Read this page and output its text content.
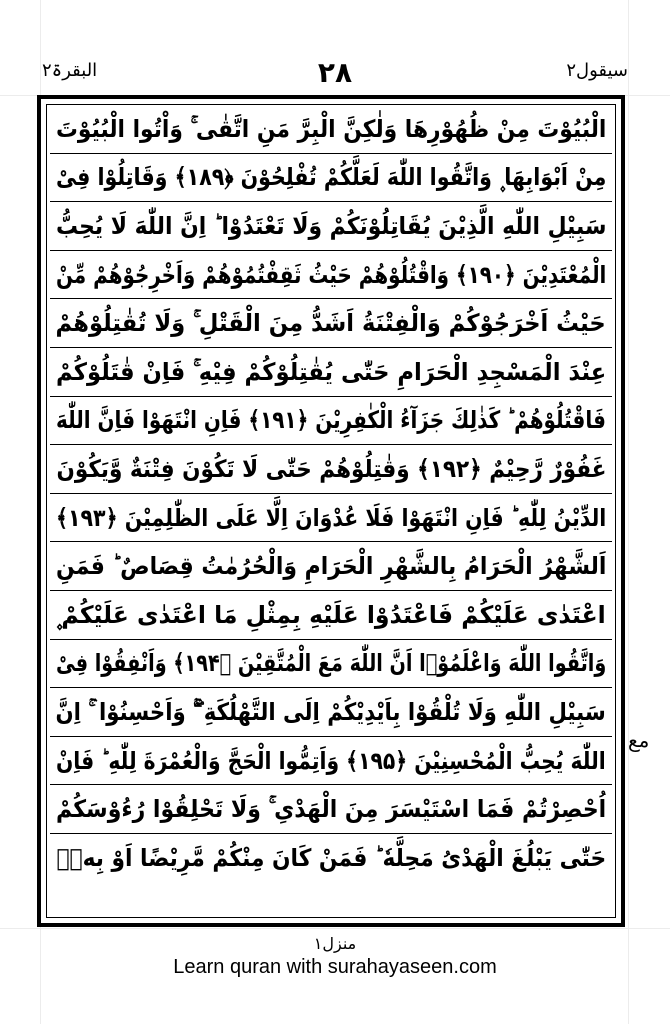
سیقول۲
۲۸
البقرۃ۲
الْبُیُوْتَ مِنْ ظُهُوْرِهَا وَلٰكِنَّ الْبِرَّ مَنِ اتَّقٰى ۚ وَاْتُوا الْبُیُوْتَ
مِنْ اَبْوَابِهَا ۪ وَاتَّقُوا اللّٰهَ لَعَلَّكُمْ تُفْلِحُوْنَ ﴿۱۸۹﴾ وَقَاتِلُوْا فِیْ
سَبِیْلِ اللّٰهِ الَّذِیْنَ یُقَاتِلُوْنَكُمْ وَلَا تَعْتَدُوْا ؕ اِنَّ اللّٰهَ لَا یُحِبُّ
الْمُعْتَدِیْنَ ﴿۱۹۰﴾ وَاقْتُلُوْهُمْ حَیْثُ ثَقِفْتُمُوْهُمْ وَاَخْرِجُوْهُمْ مِّنْ
حَیْثُ اَخْرَجُوْكُمْ وَالْفِتْنَةُ اَشَدُّ مِنَ الْقَتْلِ ۚ وَلَا تُقٰتِلُوْهُمْ
عِنْدَ الْمَسْجِدِ الْحَرَامِ حَتّٰى یُقٰتِلُوْكُمْ فِیْهِ ۚ فَاِنْ قٰتَلُوْكُمْ
فَاقْتُلُوْهُمْ ؕ كَذٰلِكَ جَزَآءُ الْكٰفِرِیْنَ ﴿۱۹۱﴾ فَاِنِ انْتَهَوْا فَاِنَّ اللّٰهَ
غَفُوْرٌ رَّحِیْمٌ ﴿۱۹۲﴾ وَقٰتِلُوْهُمْ حَتّٰى لَا تَكُوْنَ فِتْنَةٌ وَّیَكُوْنَ
الدِّیْنُ لِلّٰهِ ؕ فَاِنِ انْتَهَوْا فَلَا عُدْوَانَ اِلَّا عَلَى الظّٰلِمِیْنَ ﴿۱۹۳﴾
اَلشَّهْرُ الْحَرَامُ بِالشَّهْرِ الْحَرَامِ وَالْحُرُمٰتُ قِصَاصٌ ؕ فَمَنِ
اعْتَدٰى عَلَیْكُمْ فَاعْتَدُوْا عَلَیْهِ بِمِثْلِ مَا اعْتَدٰى عَلَیْكُمْ ۪
وَاتَّقُوا اللّٰهَ وَاعْلَمُوْۤا اَنَّ اللّٰهَ مَعَ الْمُتَّقِیْنَ ﴿۱۹۴﴾ وَاَنْفِقُوْا فِیْ
سَبِیْلِ اللّٰهِ وَلَا تُلْقُوْا بِاَیْدِیْكُمْ اِلَى التَّهْلُكَةِ ۛ ۖۚ وَاَحْسِنُوْا ۛ ۚ اِنَّ
اللّٰهَ یُحِبُّ الْمُحْسِنِیْنَ ﴿۱۹۵﴾ وَاَتِمُّوا الْحَجَّ وَالْعُمْرَةَ لِلّٰهِ ؕ فَاِنْ
اُحْصِرْتُمْ فَمَا اسْتَیْسَرَ مِنَ الْهَدْیِ ۚ وَلَا تَحْلِقُوْا رُءُوْسَكُمْ
حَتّٰى یَبْلُغَ الْهَدْیُ مَحِلَّهٗ ؕ فَمَنْ كَانَ مِنْكُمْ مَّرِیْضًا اَوْ بِهٖۤ
مع
منزل۱
Learn quran with surahayaseen.com
